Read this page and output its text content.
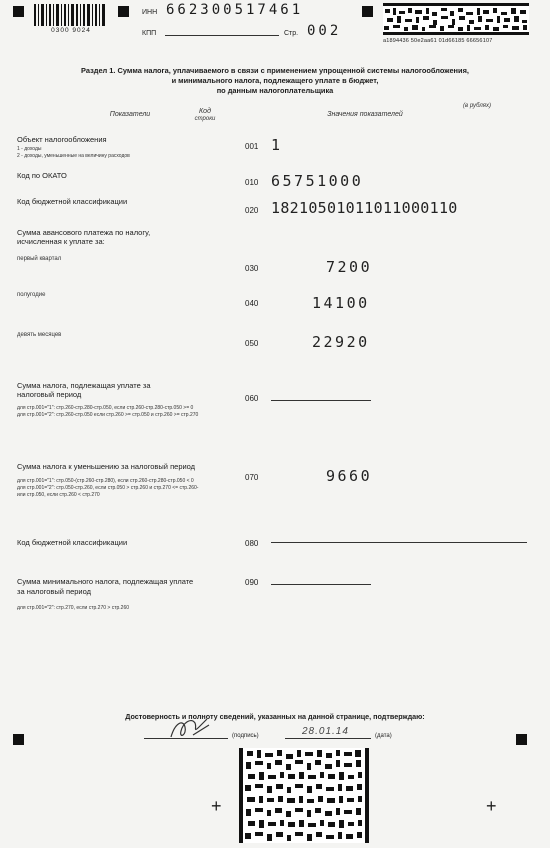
0300 9024
ИНН 662300517461
КПП	Стр. 002
a1894436 50e2aa61 01d66185 66656107
Раздел 1. Сумма налога, уплачиваемого в связи с применением упрощенной системы налогообложения,
и минимального налога, подлежащего уплате в бюджет,
по данным налогоплательщика
Показатели	Код
строки
Значения показателей
(в рублях)
Объект налогообложения
1 - доходы
2 - доходы, уменьшенные на величину расходов
001 1
Код по ОКАТО
010 65751000
Код бюджетной классификации
020 18210501011011000110
Сумма авансового платежа по налогу,
исчисленная к уплате за:
первый квартал
030	7200
полугодие
040	14100
девять месяцев
050	22920
Сумма налога, подлежащая уплате за
налоговый период
для стр.001="1": стр.260-стр.280-стр.050, если стр.260-стр.280-стр.050 >= 0
для стр.001="2": стр.260-стр.050 если стр.260 >= стр.050 и стр.260 >= стр.270
060
Сумма налога к уменьшению за налоговый период
для стр.001="1": стр.050-(стр.260-стр.280), если стр.260-стр.280-стр.050 < 0
для стр.001="2": стр.050-стр.260, если стр.050 > стр.260 и стр.270 <= стр.260-
или стр.050, если стр.260 < стр.270
070	9660
Код бюджетной классификации	080
Сумма минимального налога, подлежащая уплате
за налоговый период
для стр.001="2": стр.270, если стр.270 > стр.260
090
Достоверность и полноту сведений, указанных на данной странице, подтверждаю:
(подпись)	28.01.14	(дата)
+	+
